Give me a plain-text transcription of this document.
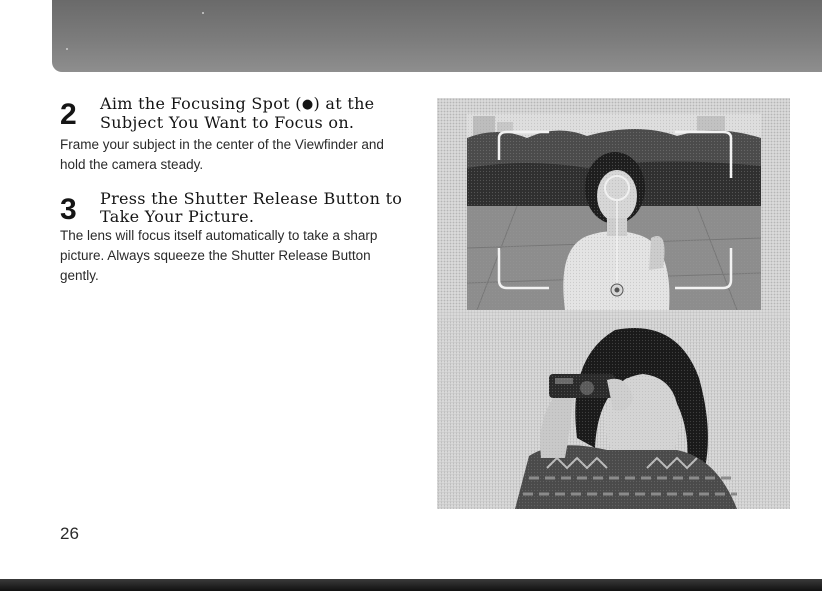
2	Aim the Focusing Spot (●) at the
Subject You Want to Focus on.
Frame your subject in the center of the Viewfinder and hold the camera steady.
3	Press the Shutter Release Button to
Take Your Picture.
The lens will focus itself automatically to take a sharp picture. Always squeeze the Shutter Release Button gently.
26
